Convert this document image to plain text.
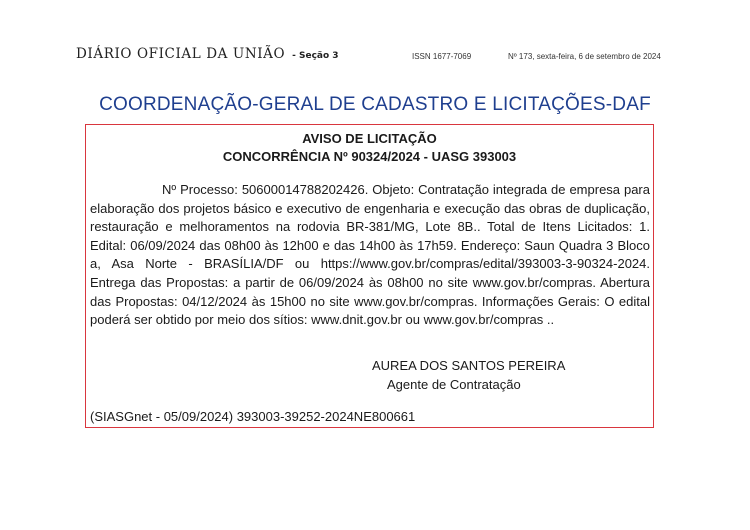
DIÁRIO OFICIAL DA UNIÃO - Seção 3	ISSN 1677-7069	Nº 173, sexta-feira, 6 de setembro de 2024
COORDENAÇÃO-GERAL DE CADASTRO E LICITAÇÕES-DAF
AVISO DE LICITAÇÃO
CONCORRÊNCIA Nº 90324/2024 - UASG 393003

Nº Processo: 50600014788202426. Objeto: Contratação integrada de empresa para elaboração dos projetos básico e executivo de engenharia e execução das obras de duplicação, restauração e melhoramentos na rodovia BR-381/MG, Lote 8B.. Total de Itens Licitados: 1. Edital: 06/09/2024 das 08h00 às 12h00 e das 14h00 às 17h59. Endereço: Saun Quadra 3 Bloco a, Asa Norte - BRASÍLIA/DF ou https://www.gov.br/compras/edital/393003-3-90324-2024. Entrega das Propostas: a partir de 06/09/2024 às 08h00 no site www.gov.br/compras. Abertura das Propostas: 04/12/2024 às 15h00 no site www.gov.br/compras. Informações Gerais: O edital poderá ser obtido por meio dos sítios: www.dnit.gov.br ou www.gov.br/compras ..

AUREA DOS SANTOS PEREIRA
Agente de Contratação
(SIASGnet - 05/09/2024) 393003-39252-2024NE800661
